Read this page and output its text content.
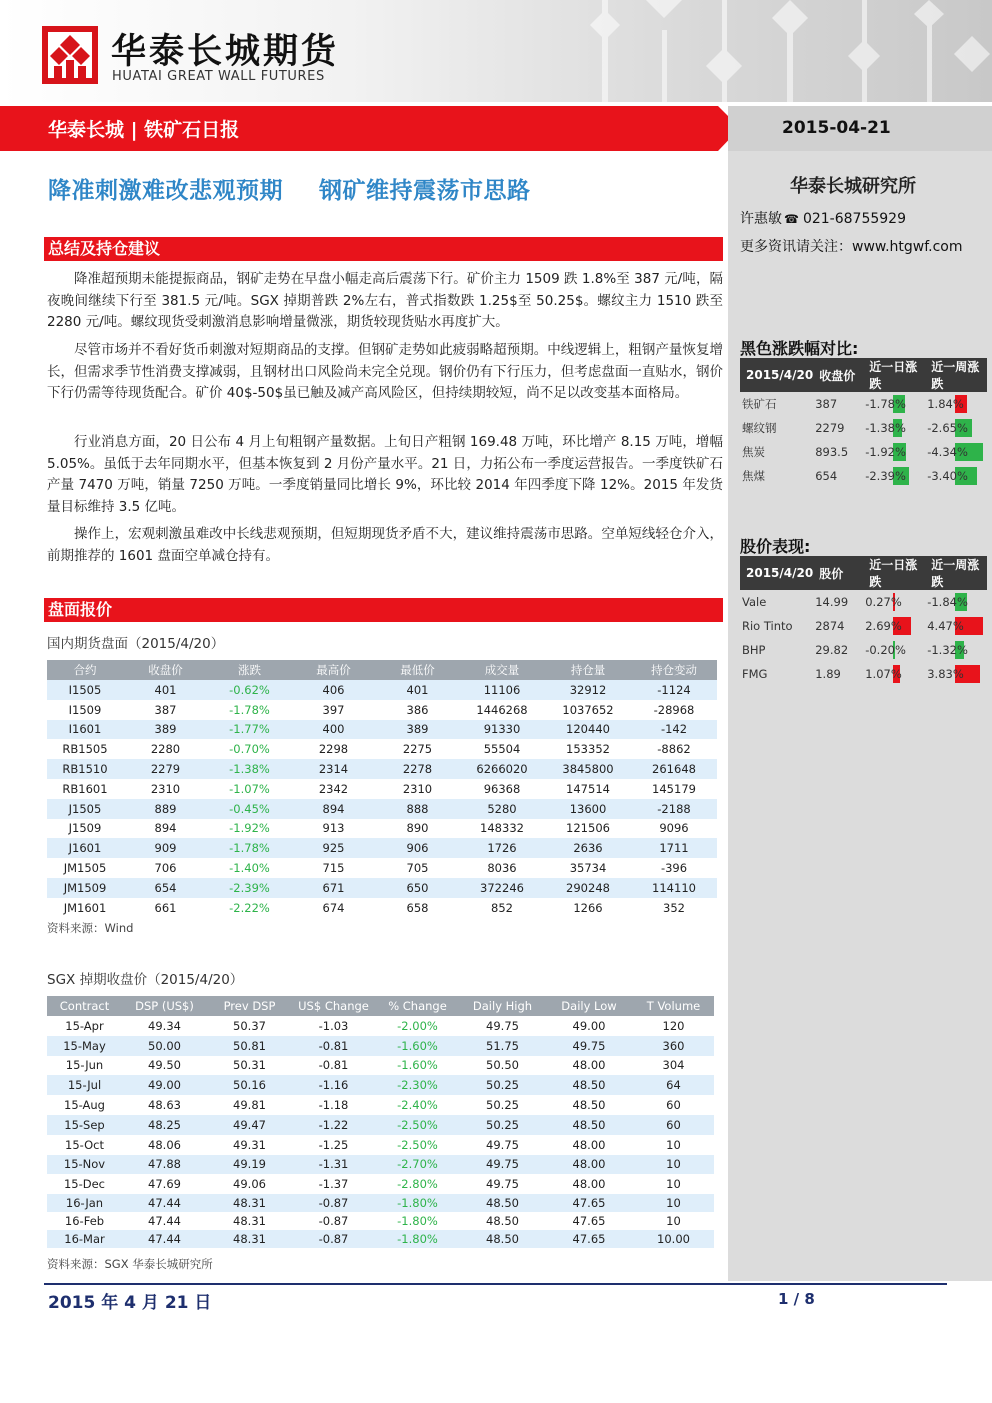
华泰长城期货
HUATAI GREAT WALL FUTURES
华泰长城 | 铁矿石日报	2015-04-21
华泰长城研究所
许惠敏 ☎ 021-68755929
更多资讯请关注：www.htgwf.com
黑色涨跌幅对比:
2015/4/20	收盘价	近一日涨跌	近一周涨跌
铁矿石	387	-1.78%	1.84%

螺纹钢	2279	-1.38%	-2.65%

焦炭	893.5	-1.92%	-4.34%

焦煤	654	-2.39%	-3.40%
股价表现:
2015/4/20	股价	近一日涨跌	近一周涨跌
Vale	14.99	0.27%	-1.84%

Rio Tinto	2874	2.69%	4.47%

BHP	29.82	-0.20%	-1.32%

FMG	1.89	1.07%	3.83%
降准刺激难改悲观预期 钢矿维持震荡市思路
总结及持仓建议

降准超预期未能提振商品，钢矿走势在早盘小幅走高后震荡下行。矿价主力 1509 跌 1.8%至 387 元/吨，隔夜晚间继续下行至 381.5 元/吨。SGX 掉期普跌 2%左右，普式指数跌 1.25$至 50.25$。螺纹主力 1510 跌至 2280 元/吨。螺纹现货受刺激消息影响增量微涨，期货较现货贴水再度扩大。

尽管市场并不看好货币刺激对短期商品的支撑。但钢矿走势如此疲弱略超预期。中线逻辑上，粗钢产量恢复增长，但需求季节性消费支撑减弱，且钢材出口风险尚未完全兑现。钢价仍有下行压力，但考虑盘面一直贴水，钢价下行仍需等待现货配合。矿价 40$-50$虽已触及减产高风险区，但持续期较短，尚不足以改变基本面格局。

行业消息方面，20 日公布 4 月上旬粗钢产量数据。上旬日产粗钢 169.48 万吨，环比增产 8.15 万吨，增幅 5.05%。虽低于去年同期水平，但基本恢复到 2 月份产量水平。21 日，力拓公布一季度运营报告。一季度铁矿石产量 7470 万吨，销量 7250 万吨。一季度销量同比增长 9%，环比较 2014 年四季度下降 12%。2015 年发货量目标维持 3.5 亿吨。

操作上，宏观刺激虽难改中长线悲观预期，但短期现货矛盾不大，建议维持震荡市思路。空单短线轻仓介入，前期推荐的 1601 盘面空单减仓持有。

盘面报价
国内期货盘面（2015/4/20）
合约	收盘价	涨跌	最高价	最低价	成交量	持仓量	持仓变动
I1505	401	-0.62%	406	401	11106	32912	-1124
I1509	387	-1.78%	397	386	1446268	1037652	-28968
I1601	389	-1.77%	400	389	91330	120440	-142
RB1505	2280	-0.70%	2298	2275	55504	153352	-8862
RB1510	2279	-1.38%	2314	2278	6266020	3845800	261648
RB1601	2310	-1.07%	2342	2310	96368	147514	145179
J1505	889	-0.45%	894	888	5280	13600	-2188
J1509	894	-1.92%	913	890	148332	121506	9096
J1601	909	-1.78%	925	906	1726	2636	1711
JM1505	706	-1.40%	715	705	8036	35734	-396
JM1509	654	-2.39%	671	650	372246	290248	114110
JM1601	661	-2.22%	674	658	852	1266	352
资料来源：Wind
SGX 掉期收盘价（2015/4/20）
Contract	DSP (US$)	Prev DSP	US$ Change	% Change	Daily High	Daily Low	T Volume
15-Apr	49.34	50.37	-1.03	-2.00%	49.75	49.00	120
15-May	50.00	50.81	-0.81	-1.60%	51.75	49.75	360
15-Jun	49.50	50.31	-0.81	-1.60%	50.50	48.00	304
15-Jul	49.00	50.16	-1.16	-2.30%	50.25	48.50	64
15-Aug	48.63	49.81	-1.18	-2.40%	50.25	48.50	60
15-Sep	48.25	49.47	-1.22	-2.50%	50.25	48.50	60
15-Oct	48.06	49.31	-1.25	-2.50%	49.75	48.00	10
15-Nov	47.88	49.19	-1.31	-2.70%	49.75	48.00	10
15-Dec	47.69	49.06	-1.37	-2.80%	49.75	48.00	10
16-Jan	47.44	48.31	-0.87	-1.80%	48.50	47.65	10
16-Feb	47.44	48.31	-0.87	-1.80%	48.50	47.65	10
16-Mar	47.44	48.31	-0.87	-1.80%	48.50	47.65	10.00
资料来源：SGX 华泰长城研究所
2015 年 4 月 21 日	1 / 8
